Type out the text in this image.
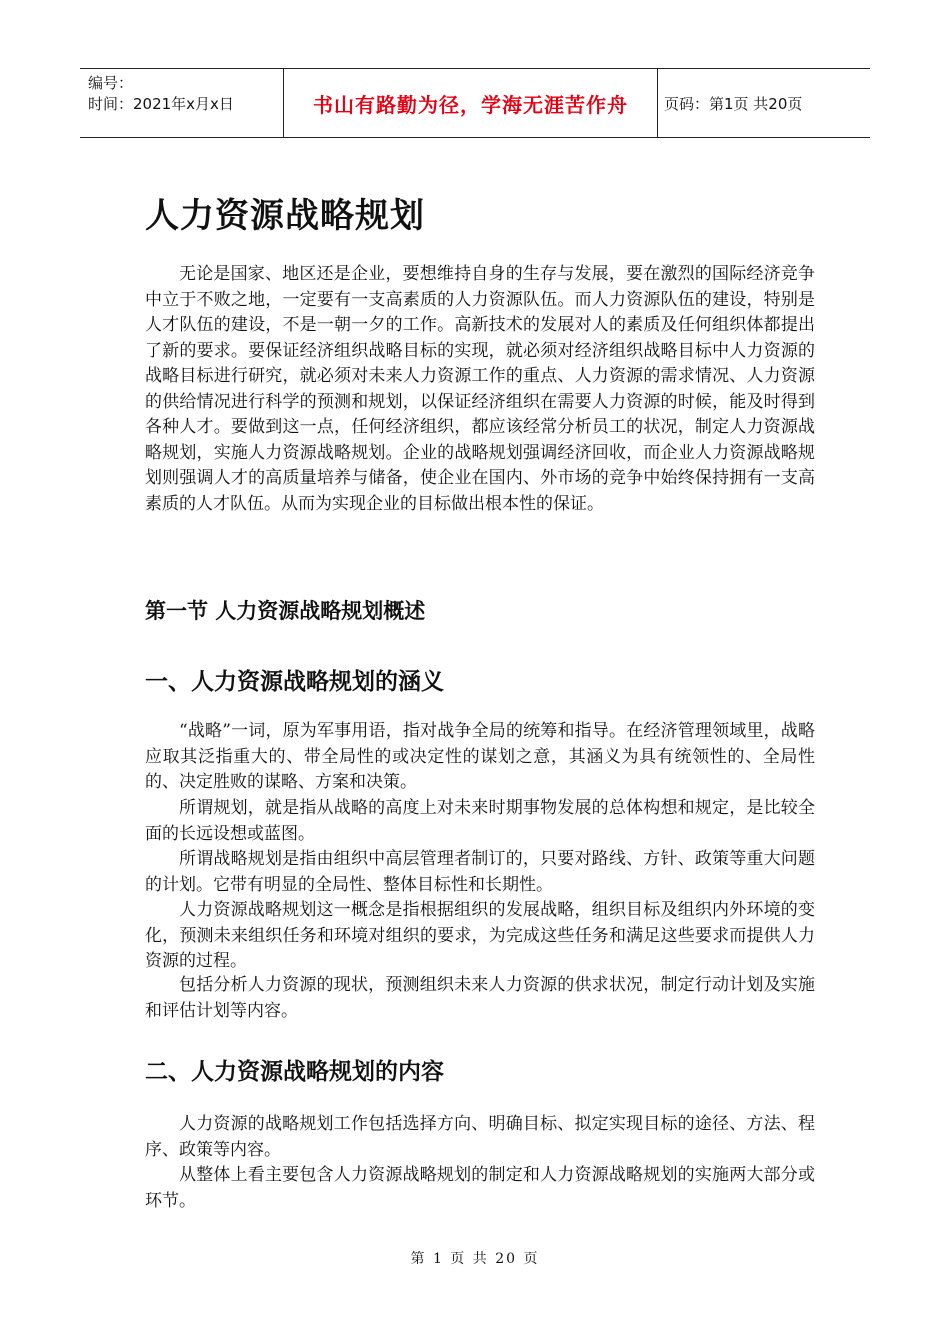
编号：
时间：2021年x月x日	书山有路勤为径，学海无涯苦作舟	页码：第1页 共20页
人力资源战略规划

无论是国家、地区还是企业，要想维持自身的生存与发展，要在激烈的国际经济竞争中立于不败之地，一定要有一支高素质的人力资源队伍。而人力资源队伍的建设，特别是人才队伍的建设，不是一朝一夕的工作。高新技术的发展对人的素质及任何组织体都提出了新的要求。要保证经济组织战略目标的实现，就必须对经济组织战略目标中人力资源的战略目标进行研究，就必须对未来人力资源工作的重点、人力资源的需求情况、人力资源的供给情况进行科学的预测和规划，以保证经济组织在需要人力资源的时候，能及时得到各种人才。要做到这一点，任何经济组织，都应该经常分析员工的状况，制定人力资源战略规划，实施人力资源战略规划。企业的战略规划强调经济回收，而企业人力资源战略规划则强调人才的高质量培养与储备，使企业在国内、外市场的竞争中始终保持拥有一支高素质的人才队伍。从而为实现企业的目标做出根本性的保证。

第一节 人力资源战略规划概述
一、人力资源战略规划的涵义

“战略”一词，原为军事用语，指对战争全局的统筹和指导。在经济管理领域里，战略应取其泛指重大的、带全局性的或决定性的谋划之意，其涵义为具有统领性的、全局性的、决定胜败的谋略、方案和决策。

所谓规划，就是指从战略的高度上对未来时期事物发展的总体构想和规定，是比较全面的长远设想或蓝图。

所谓战略规划是指由组织中高层管理者制订的，只要对路线、方针、政策等重大问题的计划。它带有明显的全局性、整体目标性和长期性。

人力资源战略规划这一概念是指根据组织的发展战略，组织目标及组织内外环境的变化，预测未来组织任务和环境对组织的要求，为完成这些任务和满足这些要求而提供人力资源的过程。

包括分析人力资源的现状，预测组织未来人力资源的供求状况，制定行动计划及实施和评估计划等内容。

二、人力资源战略规划的内容

人力资源的战略规划工作包括选择方向、明确目标、拟定实现目标的途径、方法、程序、政策等内容。

从整体上看主要包含人力资源战略规划的制定和人力资源战略规划的实施两大部分或环节。

第 1 页 共 20 页
